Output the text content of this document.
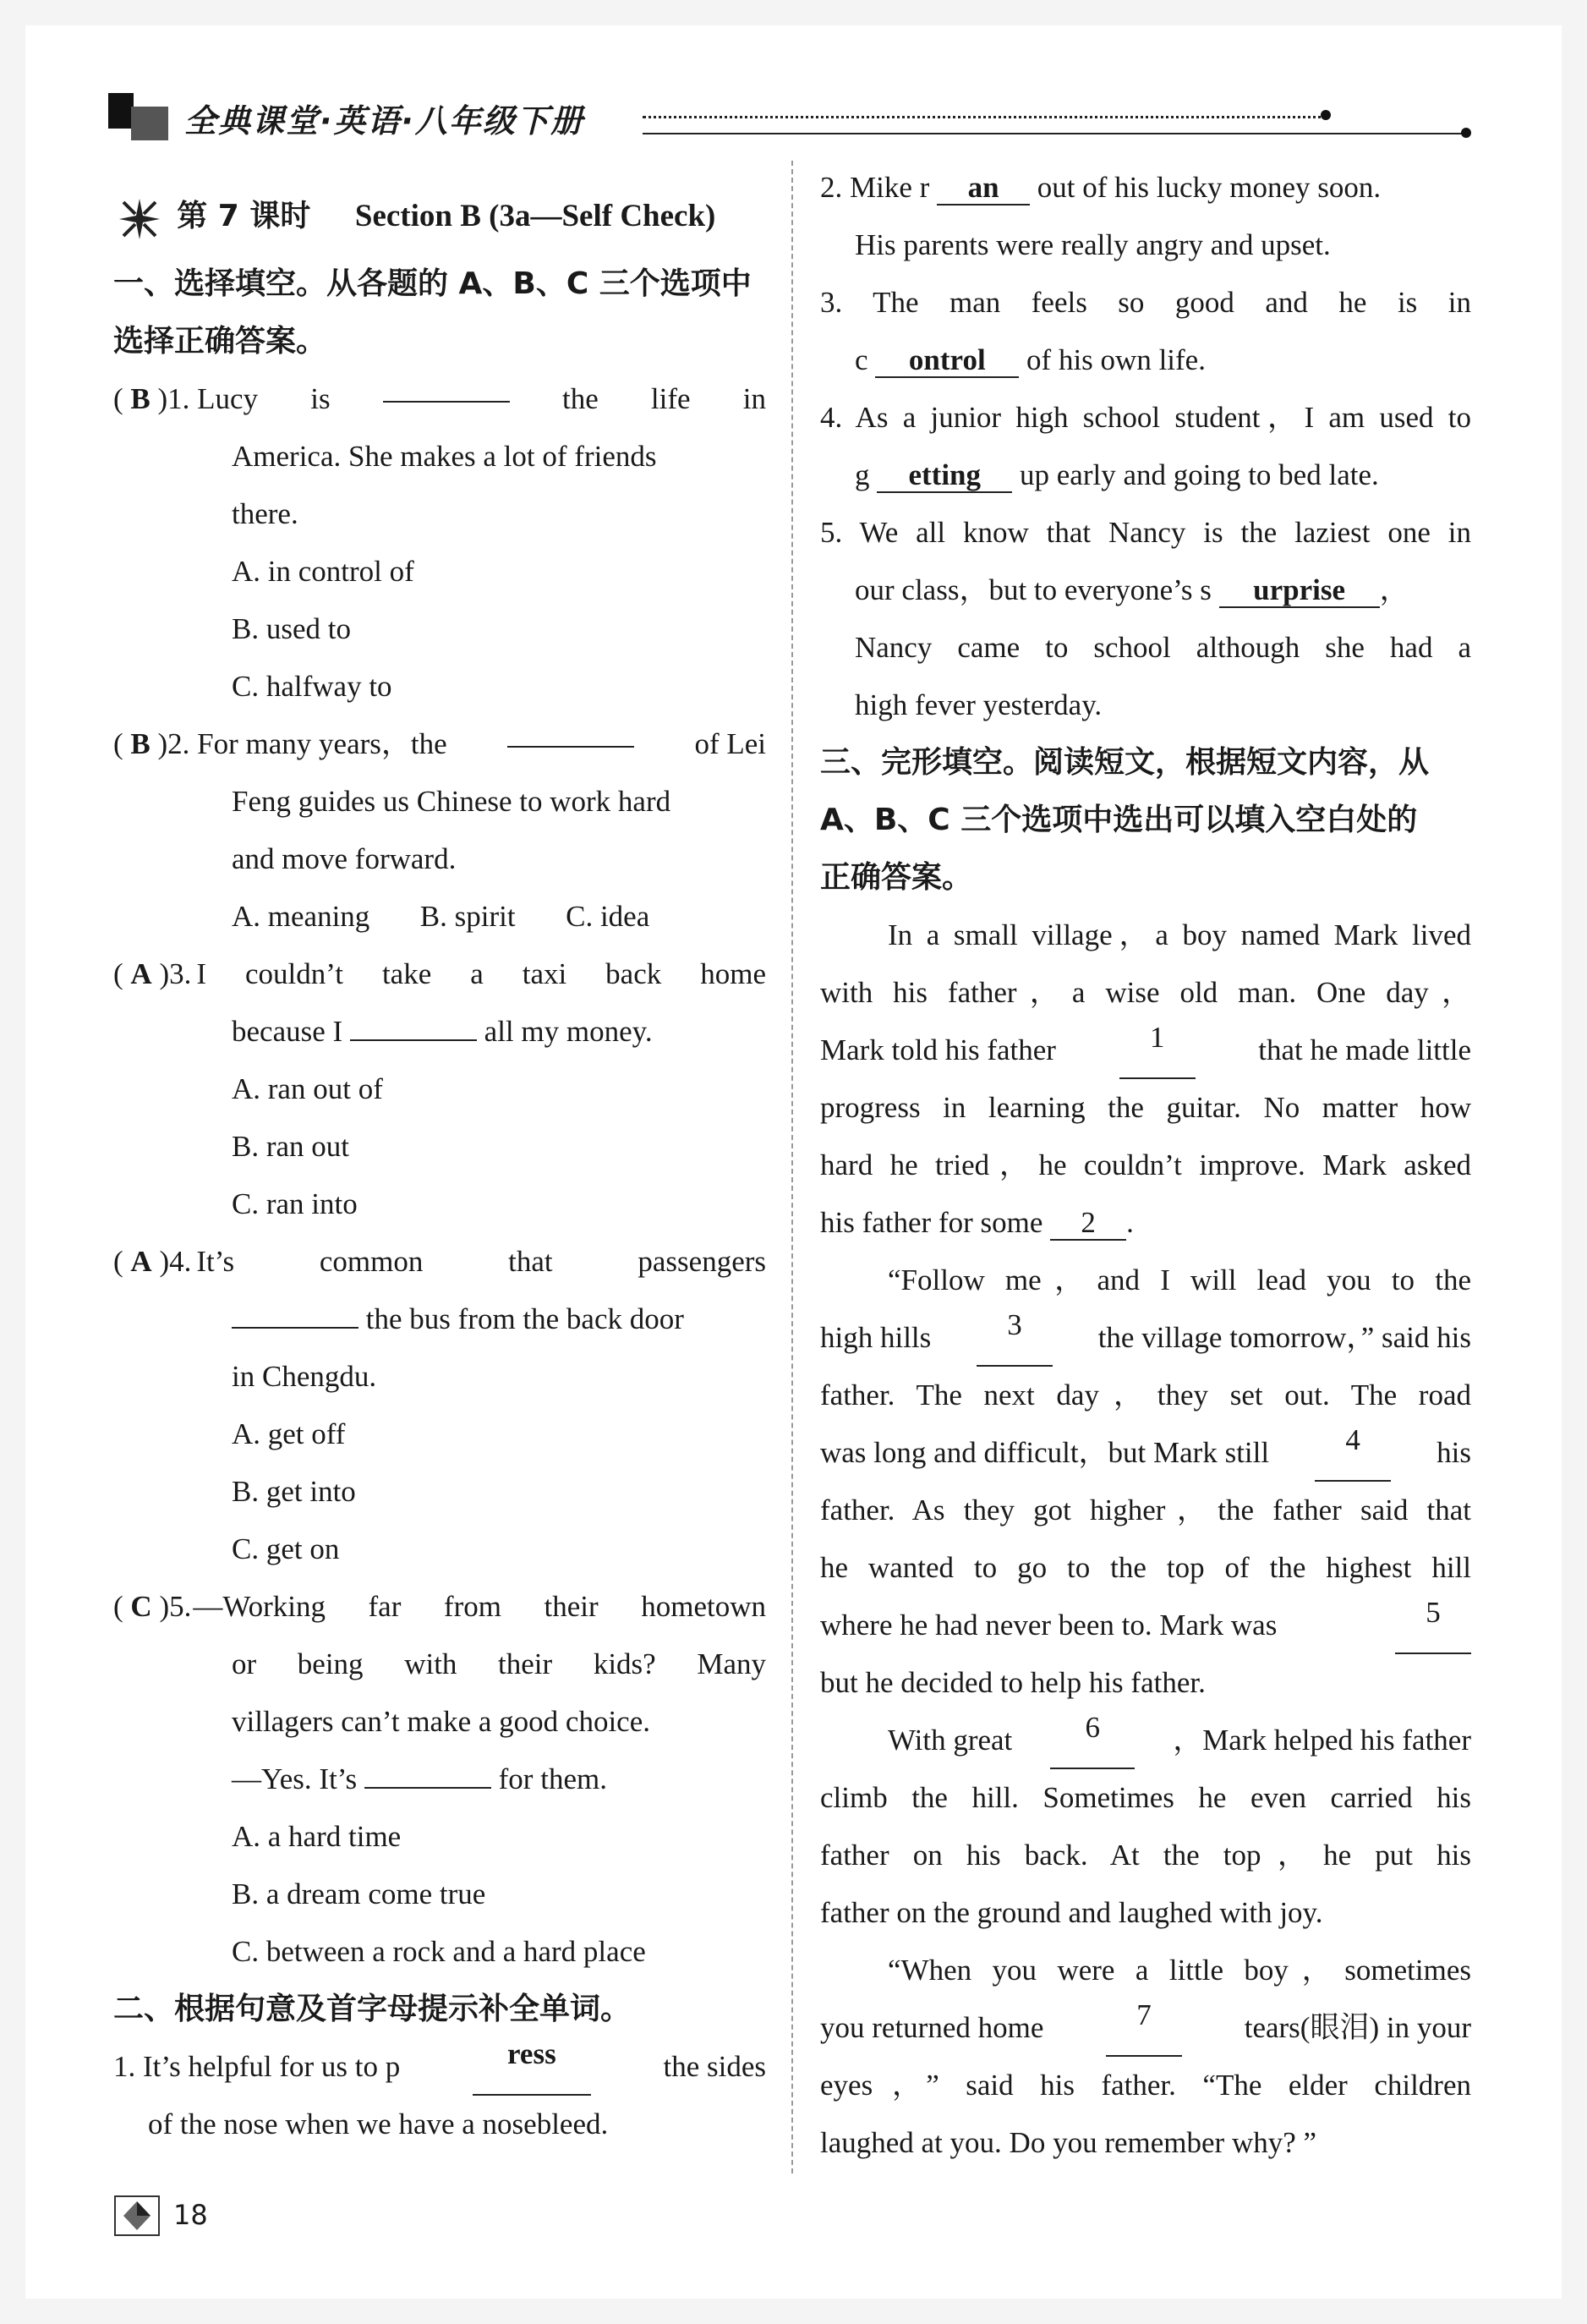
全典课堂·英语·八年级下册
第 7 课时 Section B (3a—Self Check)
一、选择填空。从各题的 A、B、C 三个选项中
选择正确答案。
( B )1. Lucy is	the life in
America. She makes a lot of friends
there.
A. in control of
B. used to
C. halfway to
( B )2. For many years，the	of Lei
Feng guides us Chinese to work hard
and move forward.
A. meaning B. spirit C. idea
( A )3. I couldn’t take a taxi back home
because I	all my money.
A. ran out of
B. ran out
C. ran into
( A )4. It’s common that passengers
the bus from the back door
in Chengdu.
A. get off
B. get into
C. get on
( C )5. —Working far from their hometown
or being with their kids? Many
villagers can’t make a good choice.
—Yes. It’s	for them.
A. a hard time
B. a dream come true
C. between a rock and a hard place
二、根据句意及首字母提示补全单词。
1. It’s helpful for us to p	ress	the sides
of the nose when we have a nosebleed.
2. Mike r an out of his lucky money soon.
His parents were really angry and upset.
3. The man feels so good and he is in
c ontrol of his own life.
4. As a junior high school student，I am used to
g etting up early and going to bed late.
5. We all know that Nancy is the laziest one in
our class，but to everyone’s s urprise ，
Nancy came to school although she had a
high fever yesterday.
三、完形填空。阅读短文，根据短文内容，从
A、B、C 三个选项中选出可以填入空白处的
正确答案。
In a small village，a boy named Mark lived
with his father，a wise old man. One day，
Mark told his father	1	that he made little
progress in learning the guitar. No matter how
hard he tried，he couldn’t improve. Mark asked
his father for some 2 .
“Follow me，and I will lead you to the
high hills	3	the village tomorrow，” said his
father. The next day，they set out. The road
was long and difficult，but Mark still	4	his
father. As they got higher，the father said that
he wanted to go to the top of the highest hill
where he had never been to. Mark was	5
but he decided to help his father.
With great	6	，Mark helped his father
climb the hill. Sometimes he even carried his
father on his back. At the top，he put his
father on the ground and laughed with joy.
“When you were a little boy，sometimes
you returned home	7	tears(眼泪) in your
eyes，” said his father. “The elder children
laughed at you. Do you remember why? ”
18
